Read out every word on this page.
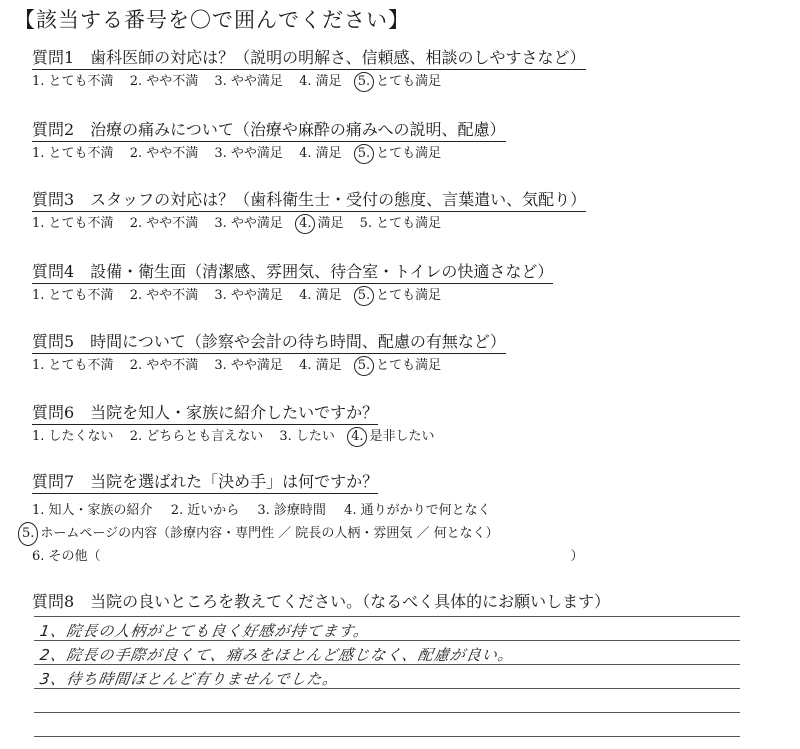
【該当する番号を〇で囲んでください】
質問1　歯科医師の対応は？（説明の明解さ、信頼感、相談のしやすさなど）
1. とても不満 2. やや不満 3. やや満足 4. 満足 5. とても満足
質問2　治療の痛みについて（治療や麻酔の痛みへの説明、配慮）
1. とても不満 2. やや不満 3. やや満足 4. 満足 5. とても満足
質問3　スタッフの対応は？（歯科衛生士・受付の態度、言葉遣い、気配り）
1. とても不満 2. やや不満 3. やや満足 4. 満足 5. とても満足
質問4　設備・衛生面（清潔感、雰囲気、待合室・トイレの快適さなど）
1. とても不満 2. やや不満 3. やや満足 4. 満足 5. とても満足
質問5　時間について（診察や会計の待ち時間、配慮の有無など）
1. とても不満 2. やや不満 3. やや満足 4. 満足 5. とても満足
質問6　当院を知人・家族に紹介したいですか？
1. したくない 2. どちらとも言えない 3. したい 4. 是非したい
質問7　当院を選ばれた「決め手」は何ですか？
1. 知人・家族の紹介 2. 近いから 3. 診療時間 4. 通りがかりで何となく
5. ホームページの内容（診療内容・専門性 ／ 院長の人柄・雰囲気 ／ 何となく）
6. その他（	）
質問8　当院の良いところを教えてください。（なるべく具体的にお願いします）
1、院長の人柄がとても良く好感が持てます。
2、院長の手際が良くて、痛みをほとんど感じなく、配慮が良い。
3、待ち時間ほとんど有りませんでした。
